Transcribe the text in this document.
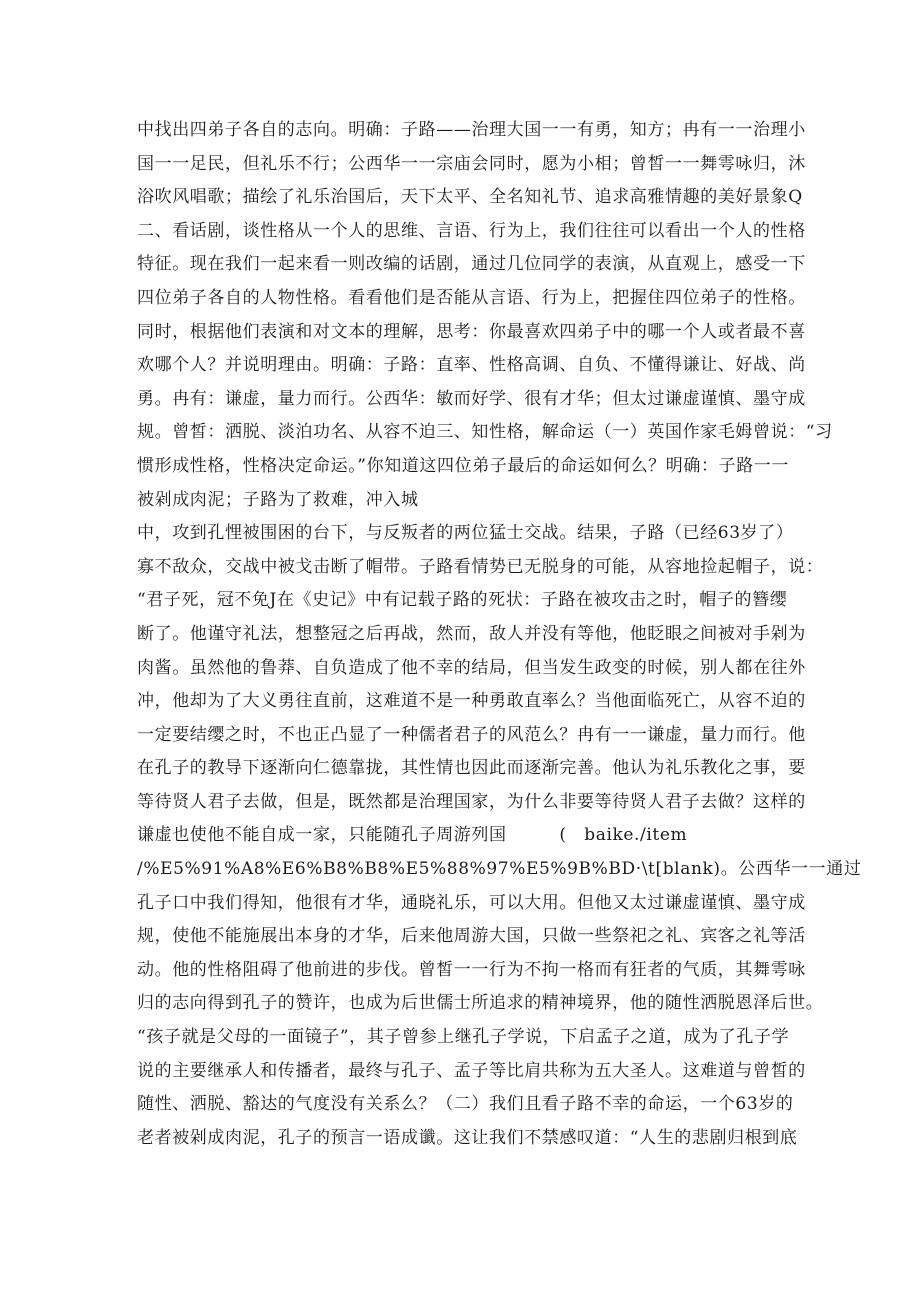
中找出四弟子各自的志向。明确：子路——治理大国一一有勇，知方；冉有一一治理小
国一一足民，但礼乐不行；公西华一一宗庙会同时，愿为小相；曾皙一一舞雩咏归，沐
浴吹风唱歌；描绘了礼乐治国后，天下太平、全名知礼节、追求高雅情趣的美好景象Q
二、看话剧，谈性格从一个人的思维、言语、行为上，我们往往可以看出一个人的性格
特征。现在我们一起来看一则改编的话剧，通过几位同学的表演，从直观上，感受一下
四位弟子各自的人物性格。看看他们是否能从言语、行为上，把握住四位弟子的性格。
同时，根据他们表演和对文本的理解，思考：你最喜欢四弟子中的哪一个人或者最不喜
欢哪个人？并说明理由。明确：子路：直率、性格高调、自负、不懂得谦让、好战、尚
勇。冉有：谦虚，量力而行。公西华：敏而好学、很有才华；但太过谦虚谨慎、墨守成
规。曾皙：洒脱、淡泊功名、从容不迫三、知性格，解命运（一）英国作家毛姆曾说：“习
惯形成性格，性格决定命运。”你知道这四位弟子最后的命运如何么？明确：子路一一
被剁成肉泥；子路为了救难，冲入城
中，攻到孔悝被围困的台下，与反叛者的两位猛士交战。结果，子路（已经63岁了）
寡不敌众，交战中被戈击断了帽带。子路看情势已无脱身的可能，从容地捡起帽子，说：
“君子死，冠不免J在《史记》中有记载子路的死状：子路在被攻击之时，帽子的簪缨
断了。他谨守礼法，想整冠之后再战，然而，敌人并没有等他，他眨眼之间被对手剁为
肉酱。虽然他的鲁莽、自负造成了他不幸的结局，但当发生政变的时候，别人都在往外
冲，他却为了大义勇往直前，这难道不是一种勇敢直率么？当他面临死亡，从容不迫的
一定要结缨之时，不也正凸显了一种儒者君子的风范么？冉有一一谦虚，量力而行。他
在孔子的教导下逐渐向仁德靠拢，其性情也因此而逐渐完善。他认为礼乐教化之事，要
等待贤人君子去做，但是，既然都是治理国家，为什么非要等待贤人君子去做？这样的
谦虚也使他不能自成一家，只能随孔子周游列国　　　(　baike./item
/%E5%91%A8%E6%B8%B8%E5%88%97%E5%9B%BD·\t[blank)。公西华一一通过
孔子口中我们得知，他很有才华，通晓礼乐，可以大用。但他又太过谦虚谨慎、墨守成
规，使他不能施展出本身的才华，后来他周游大国，只做一些祭祀之礼、宾客之礼等活
动。他的性格阻碍了他前进的步伐。曾皙一一行为不拘一格而有狂者的气质，其舞雩咏
归的志向得到孔子的赞许，也成为后世儒士所追求的精神境界，他的随性洒脱恩泽后世。
“孩子就是父母的一面镜子”，其子曾参上继孔子学说，下启孟子之道，成为了孔子学
说的主要继承人和传播者，最终与孔子、孟子等比肩共称为五大圣人。这难道与曾皙的
随性、洒脱、豁达的气度没有关系么？（二）我们且看子路不幸的命运，一个63岁的
老者被剁成肉泥，孔子的预言一语成谶。这让我们不禁感叹道：“人生的悲剧归根到底
